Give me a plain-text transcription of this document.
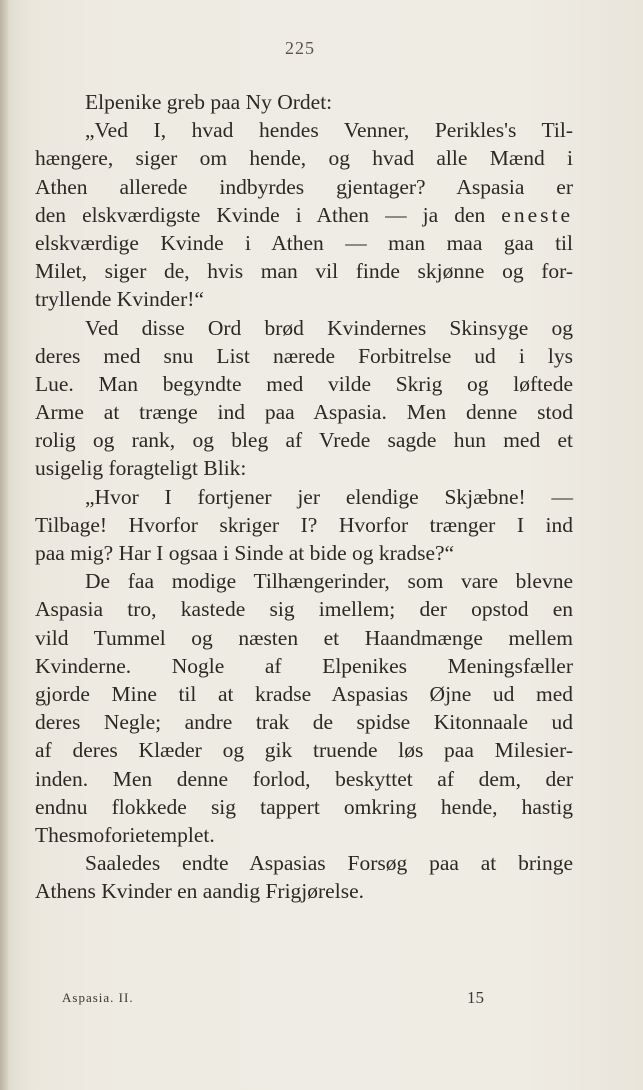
225
Elpenike greb paa Ny Ordet:
„Ved I, hvad hendes Venner, Perikles's Til-
hængere, siger om hende, og hvad alle Mænd i
Athen allerede indbyrdes gjentager? Aspasia er
den elskværdigste Kvinde i Athen — ja den eneste
elskværdige Kvinde i Athen — man maa gaa til
Milet, siger de, hvis man vil finde skjønne og for-
tryllende Kvinder!“
Ved disse Ord brød Kvindernes Skinsyge og
deres med snu List nærede Forbitrelse ud i lys
Lue. Man begyndte med vilde Skrig og løftede
Arme at trænge ind paa Aspasia. Men denne stod
rolig og rank, og bleg af Vrede sagde hun med et
usigelig foragteligt Blik:
„Hvor I fortjener jer elendige Skjæbne! —
Tilbage! Hvorfor skriger I? Hvorfor trænger I ind
paa mig? Har I ogsaa i Sinde at bide og kradse?“
De faa modige Tilhængerinder, som vare blevne
Aspasia tro, kastede sig imellem; der opstod en
vild Tummel og næsten et Haandmænge mellem
Kvinderne. Nogle af Elpenikes Meningsfæller
gjorde Mine til at kradse Aspasias Øjne ud med
deres Negle; andre trak de spidse Kitonnaale ud
af deres Klæder og gik truende løs paa Milesier-
inden. Men denne forlod, beskyttet af dem, der
endnu flokkede sig tappert omkring hende, hastig
Thesmoforietemplet.
Saaledes endte Aspasias Forsøg paa at bringe
Athens Kvinder en aandig Frigjørelse.
Aspasia. II.	15
